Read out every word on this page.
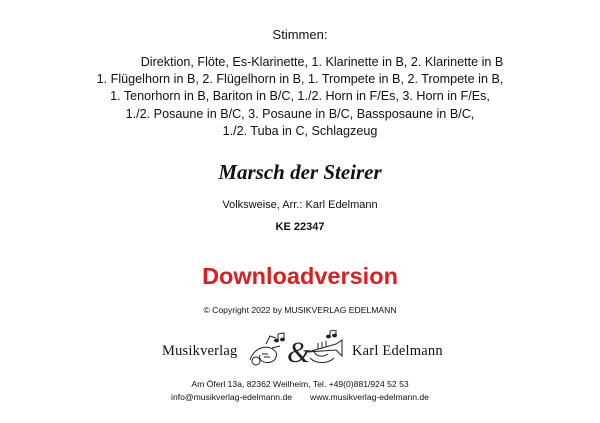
Stimmen:
Direktion, Flöte, Es-Klarinette, 1. Klarinette in B, 2. Klarinette in B
1. Flügelhorn in B, 2. Flügelhorn in B, 1. Trompete in B, 2. Trompete in B,
1. Tenorhorn in B, Bariton in B/C, 1./2. Horn in F/Es, 3. Horn in F/Es,
1./2. Posaune in B/C, 3. Posaune in B/C, Bassposaune in B/C,
1./2. Tuba in C, Schlagzeug
Marsch der Steirer
Volksweise, Arr.: Karl Edelmann
KE 22347
Downloadversion
© Copyright 2022 by MUSIKVERLAG EDELMANN
Musikverlag &	Karl Edelmann
Am Öferl 13a, 82362 Weilheim, Tel. +49(0)881/924 52 53
info@musikverlag-edelmann.de www.musikverlag-edelmann.de
